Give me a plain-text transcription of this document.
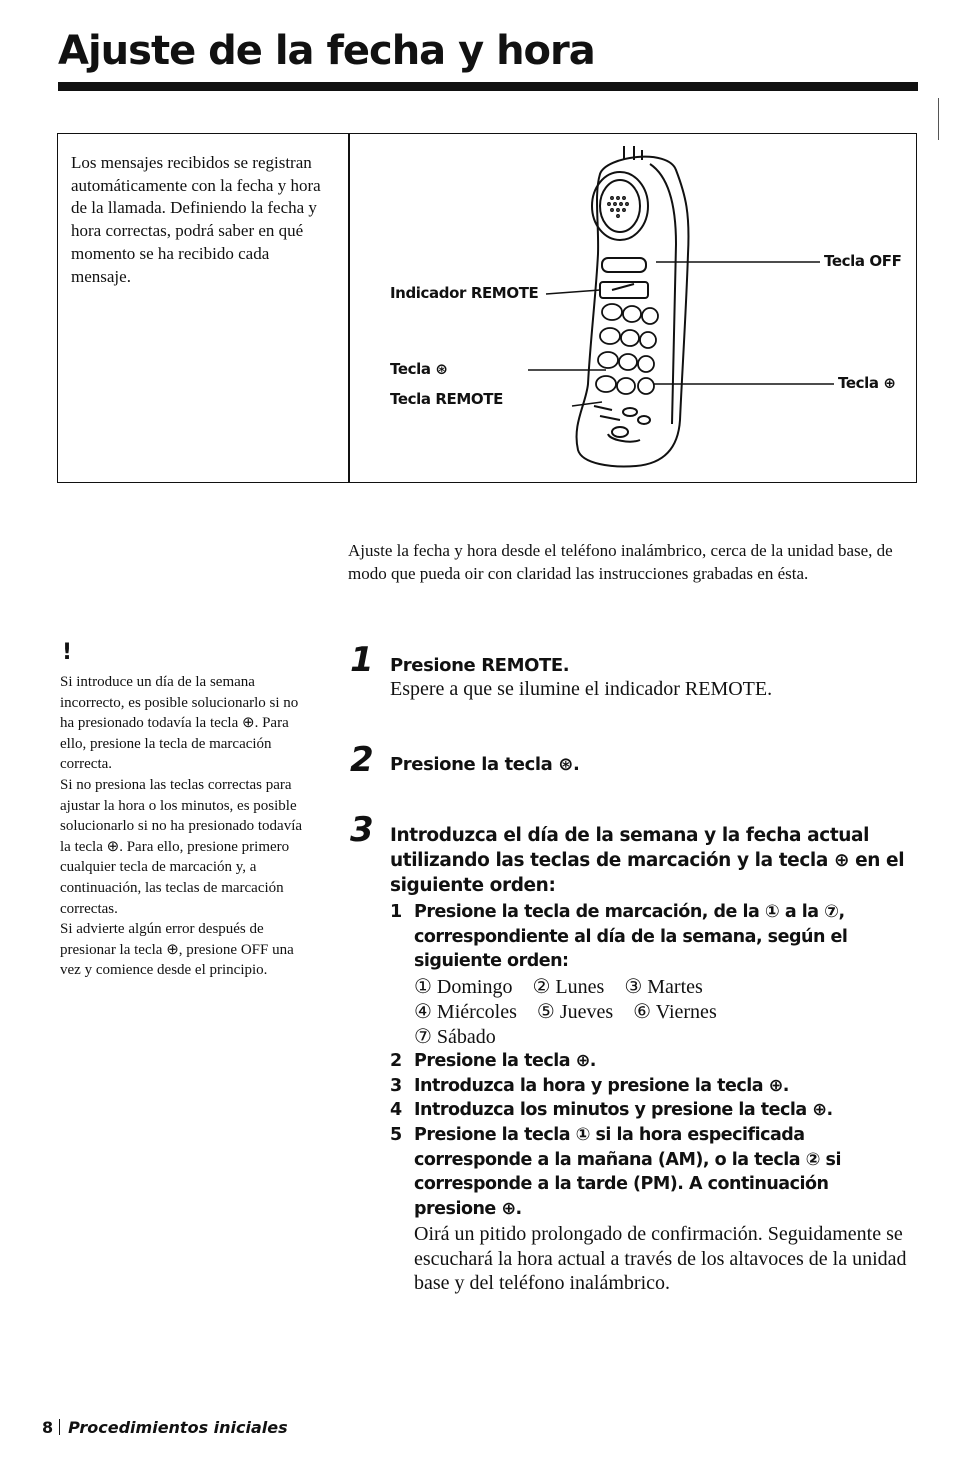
Ajuste de la fecha y hora

Los mensajes recibidos se registran automáticamente con la fecha y hora de la llamada. Definiendo la fecha y hora correctas, podrá saber en qué momento se ha recibido cada mensaje.

Tecla OFF
Indicador REMOTE
Tecla ⊛
Tecla REMOTE
Tecla ⊕

Ajuste la fecha y hora desde el teléfono inalámbrico, cerca de la unidad base, de modo que pueda oir con claridad las instrucciones grabadas en ésta.

!

Si introduce un día de la semana incorrecto, es posible solucionarlo si no ha presionado todavía la tecla ⊕. Para ello, presione la tecla de marcación correcta.
Si no presiona las teclas correctas para ajustar la hora o los minutos, es posible solucionarlo si no ha presionado todavía la tecla ⊕. Para ello, presione primero cualquier tecla de marcación y, a continuación, las teclas de marcación correctas.
Si advierte algún error después de presionar la tecla ⊕, presione OFF una vez y comience desde el principio.

1 Presione REMOTE.

Espere a que se ilumine el indicador REMOTE.

2 Presione la tecla ⊛.

3 Introduzca el día de la semana y la fecha actual utilizando las teclas de marcación y la tecla ⊕ en el siguiente orden:

1 Presione la tecla de marcación, de la ① a la ⑦, correspondiente al día de la semana, según el siguiente orden:

① Domingo ② Lunes ③ Martes
④ Miércoles ⑤ Jueves ⑥ Viernes
⑦ Sábado
2 Presione la tecla ⊕.

3 Introduzca la hora y presione la tecla ⊕.

4 Introduzca los minutos y presione la tecla ⊕.

5 Presione la tecla ① si la hora especificada corresponde a la mañana (AM), o la tecla ② si corresponde a la tarde (PM). A continuación presione ⊕.

Oirá un pitido prolongado de confirmación. Seguidamente se escuchará la hora actual a través de los altavoces de la unidad base y del teléfono inalámbrico.

8 Procedimientos iniciales
